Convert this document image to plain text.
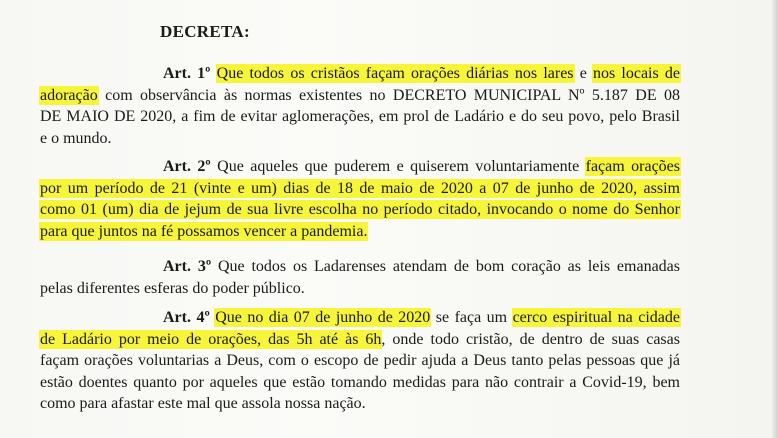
DECRETA:
Art. 1º Que todos os cristãos façam orações diárias nos lares e nos locais de
adoração com observância às normas existentes no DECRETO MUNICIPAL Nº 5.187 DE 08
DE MAIO DE 2020, a fim de evitar aglomerações, em prol de Ladário e do seu povo, pelo Brasil
e o mundo.
Art. 2º Que aqueles que puderem e quiserem voluntariamente façam orações
por um período de 21 (vinte e um) dias de 18 de maio de 2020 a 07 de junho de 2020, assim
como 01 (um) dia de jejum de sua livre escolha no período citado, invocando o nome do Senhor
para que juntos na fé possamos vencer a pandemia.
Art. 3º Que todos os Ladarenses atendam de bom coração as leis emanadas
pelas diferentes esferas do poder público.
Art. 4º Que no dia 07 de junho de 2020 se faça um cerco espiritual na cidade
de Ladário por meio de orações, das 5h até às 6h, onde todo cristão, de dentro de suas casas
façam orações voluntarias a Deus, com o escopo de pedir ajuda a Deus tanto pelas pessoas que já
estão doentes quanto por aqueles que estão tomando medidas para não contrair a Covid-19, bem
como para afastar este mal que assola nossa nação.
